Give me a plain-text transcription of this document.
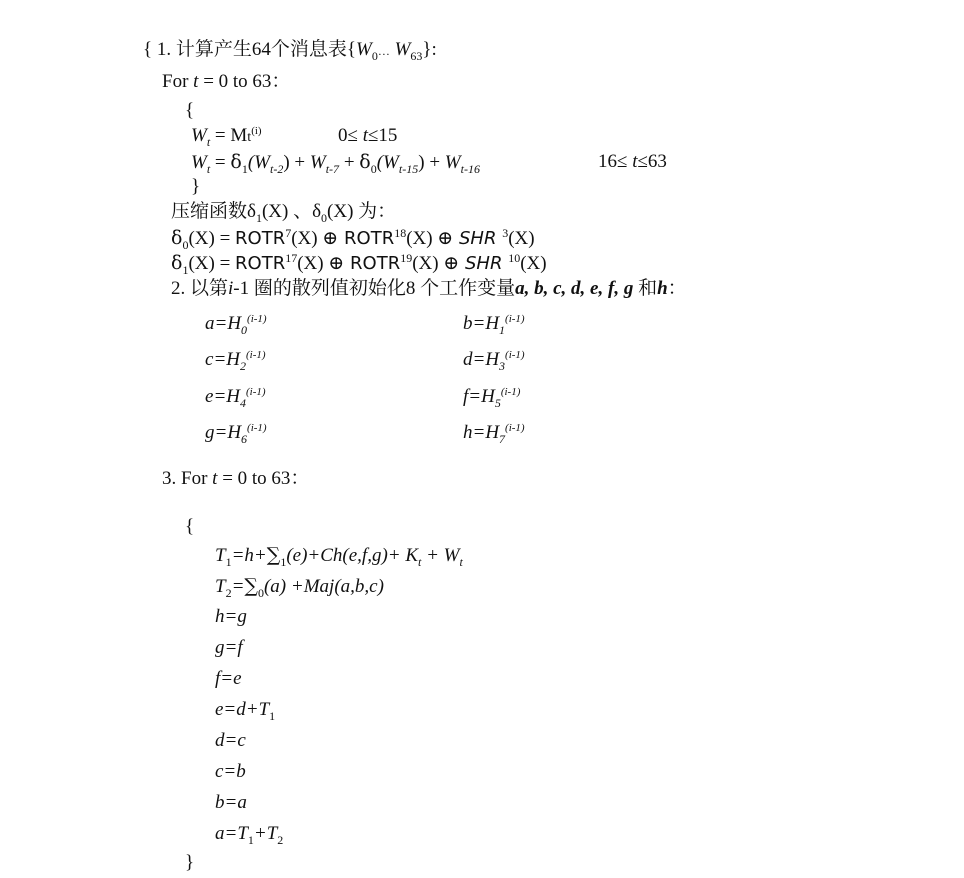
{ 1. 计算产生64个消息表{$W_0\dots$ $W_{63}$}:
For t = 0 to 63：
{
$W_t = Mt^{(i)}$	0≤ t≤15
$W_t = \delta_1(W_{t-2}) + W_{t-7} + \delta_0(W_{t-15}) + W_{t-16}$	16≤ t≤63
}
压缩函数$\delta_1(X)$ 、$\delta_0(X)$ 为：
$\delta_0(X)$ = $ROTR^7(X)$ ⊕ ROTR$^{18}$(X) ⊕ SHR $^3$(X)
$\delta_1(X)$ = $ROTR^{17}(X)$ ⊕ ROTR$^{19}$(X) ⊕ SHR $^{10}$(X)
2. 以第i-1 圈的散列值初始化8 个工作变量a, b, c, d, e, f, g 和h：
$a=H_0^{(i-1)}$	$b=H_1^{(i-1)}$
$c=H_2^{(i-1)}$	$d=H_3^{(i-1)}$
$e=H_4^{(i-1)}$	$f=H_5^{(i-1)}$
$g=H_6^{(i-1)}$	$h=H_7^{(i-1)}$
3. For t = 0 to 63：
{
$T_1=h+\sum_1(e)+Ch(e,f,g)+ K_t + W_t$
$T_2=\sum_0(a) +Maj(a,b,c)$
h=g
g=f
f=e
$e=d+T_1$
d=c
c=b
b=a
$a=T_1+T_2$
}
